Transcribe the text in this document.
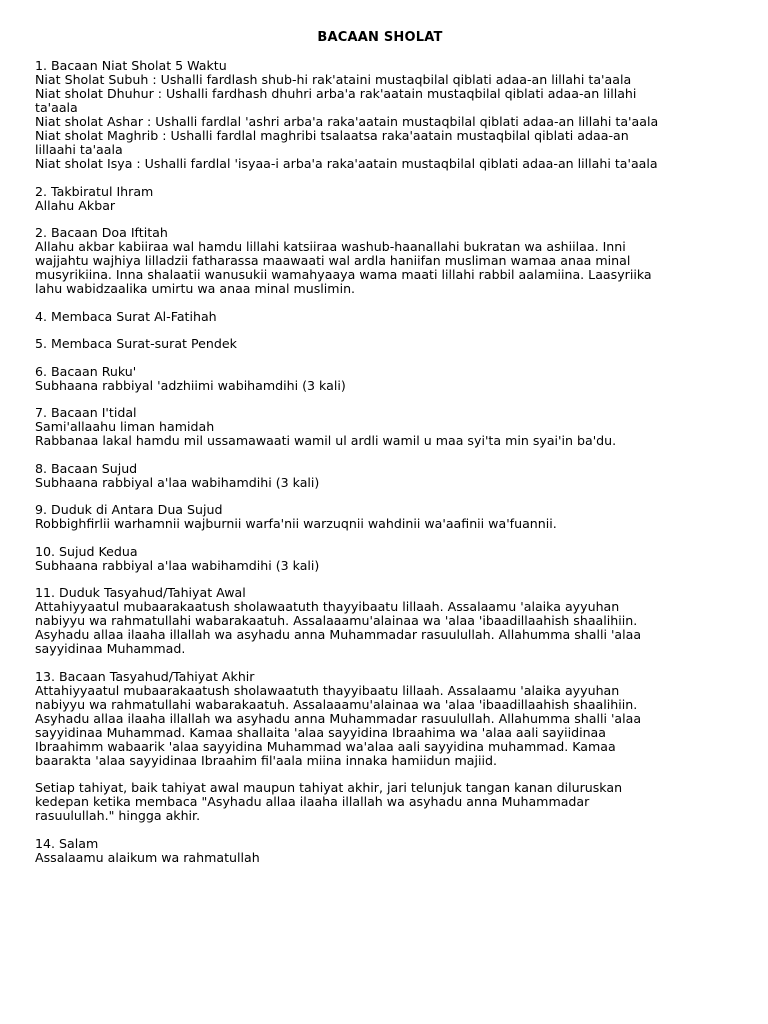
BACAAN SHOLAT
1. Bacaan Niat Sholat 5 Waktu
Niat Sholat Subuh : Ushalli fardlash shub-hi rak'ataini mustaqbilal qiblati adaa-an lillahi ta'aala
Niat sholat Dhuhur : Ushalli fardhash dhuhri arba'a rak'aatain mustaqbilal qiblati adaa-an lillahi
ta'aala
Niat sholat Ashar : Ushalli fardlal 'ashri arba'a raka'aatain mustaqbilal qiblati adaa-an lillahi ta'aala
Niat sholat Maghrib : Ushalli fardlal maghribi tsalaatsa raka'aatain mustaqbilal qiblati adaa-an
lillaahi ta'aala
Niat sholat Isya : Ushalli fardlal 'isyaa-i arba'a raka'aatain mustaqbilal qiblati adaa-an lillahi ta'aala
2. Takbiratul Ihram
Allahu Akbar
2. Bacaan Doa Iftitah
Allahu akbar kabiiraa wal hamdu lillahi katsiiraa washub-haanallahi bukratan wa ashiilaa. Inni
wajjahtu wajhiya lilladzii fatharassa maawaati wal ardla haniifan musliman wamaa anaa minal
musyrikiina. Inna shalaatii wanusukii wamahyaaya wama maati lillahi rabbil aalamiina. Laasyriika
lahu wabidzaalika umirtu wa anaa minal muslimin.
4. Membaca Surat Al-Fatihah
5. Membaca Surat-surat Pendek
6. Bacaan Ruku'
Subhaana rabbiyal 'adzhiimi wabihamdihi (3 kali)
7. Bacaan I'tidal
Sami'allaahu liman hamidah
Rabbanaa lakal hamdu mil ussamawaati wamil ul ardli wamil u maa syi'ta min syai'in ba'du.
8. Bacaan Sujud
Subhaana rabbiyal a'laa wabihamdihi (3 kali)
9. Duduk di Antara Dua Sujud
Robbighfirlii warhamnii wajburnii warfa'nii warzuqnii wahdinii wa'aafinii wa'fuannii.
10. Sujud Kedua
Subhaana rabbiyal a'laa wabihamdihi (3 kali)
11. Duduk Tasyahud/Tahiyat Awal
Attahiyyaatul mubaarakaatush sholawaatuth thayyibaatu lillaah. Assalaamu 'alaika ayyuhan
nabiyyu wa rahmatullahi wabarakaatuh. Assalaaamu'alainaa wa 'alaa 'ibaadillaahish shaalihiin.
Asyhadu allaa ilaaha illallah wa asyhadu anna Muhammadar rasuulullah. Allahumma shalli 'alaa
sayyidinaa Muhammad.
13. Bacaan Tasyahud/Tahiyat Akhir
Attahiyyaatul mubaarakaatush sholawaatuth thayyibaatu lillaah. Assalaamu 'alaika ayyuhan
nabiyyu wa rahmatullahi wabarakaatuh. Assalaaamu'alainaa wa 'alaa 'ibaadillaahish shaalihiin.
Asyhadu allaa ilaaha illallah wa asyhadu anna Muhammadar rasuulullah. Allahumma shalli 'alaa
sayyidinaa Muhammad. Kamaa shallaita 'alaa sayyidina Ibraahima wa 'alaa aali sayiidinaa
Ibraahimm wabaarik 'alaa sayyidina Muhammad wa'alaa aali sayyidina muhammad. Kamaa
baarakta 'alaa sayyidinaa Ibraahim fil'aala miina innaka hamiidun majiid.
Setiap tahiyat, baik tahiyat awal maupun tahiyat akhir, jari telunjuk tangan kanan diluruskan
kedepan ketika membaca "Asyhadu allaa ilaaha illallah wa asyhadu anna Muhammadar
rasuulullah." hingga akhir.
14. Salam
Assalaamu alaikum wa rahmatullah
